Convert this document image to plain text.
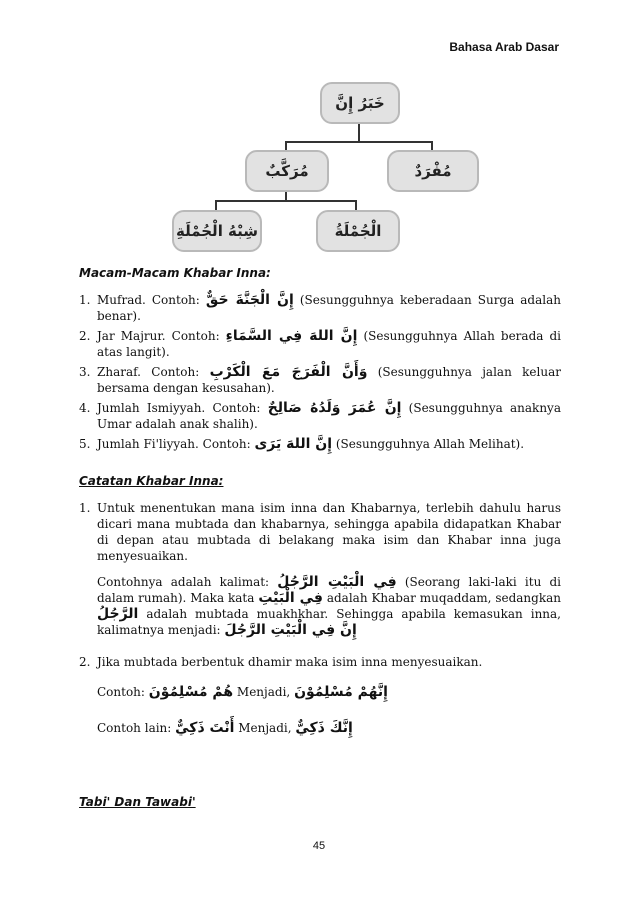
Bahasa Arab Dasar
خَبَرُ إِنَّ
مُرَكَّبٌ	مُفْرَدٌ
شِبْهُ الْجُمْلَةِ	الْجُمْلَةُ
Macam-Macam Khabar Inna:
1. Mufrad. Contoh: إِنَّ الْجَنَّةَ حَقٌّ (Sesungguhnya keberadaan Surga adalah benar).
2. Jar Majrur. Contoh: إِنَّ اللهَ فِي السَّمَاءِ (Sesungguhnya Allah berada di atas langit).
3. Zharaf. Contoh: وَأَنَّ الْفَرَجَ مَعَ الْكَرْبِ (Sesungguhnya jalan keluar bersama dengan kesusahan).
4. Jumlah Ismiyyah. Contoh: إِنَّ عُمَرَ وَلَدُهُ صَالِحٌ (Sesungguhnya anaknya Umar adalah anak shalih).
5. Jumlah Fi'liyyah. Contoh: إِنَّ اللهَ يَرَى (Sesungguhnya Allah Melihat).
Catatan Khabar Inna:
1. Untuk menentukan mana isim inna dan Khabarnya, terlebih dahulu harus dicari mana mubtada dan khabarnya, sehingga apabila didapatkan Khabar di depan atau mubtada di belakang maka isim dan Khabar inna juga menyesuaikan.
Contohnya adalah kalimat: فِي الْبَيْتِ الرَّجُلُ (Seorang laki-laki itu di dalam rumah). Maka kata فِي الْبَيْتِ adalah Khabar muqaddam, sedangkan الرَّجُلُ adalah mubtada muakhkhar. Sehingga apabila kemasukan inna, kalimatnya menjadi: إِنَّ فِي الْبَيْتِ الرَّجُلَ
2. Jika mubtada berbentuk dhamir maka isim inna menyesuaikan.
Contoh: هُمْ مُسْلِمُوْنَ Menjadi, إِنَّهُمْ مُسْلِمُوْنَ
Contoh lain: أَنْتَ ذَكِيٌّ Menjadi, إِنَّكَ ذَكِيٌّ
Tabi' Dan Tawabi'
45
